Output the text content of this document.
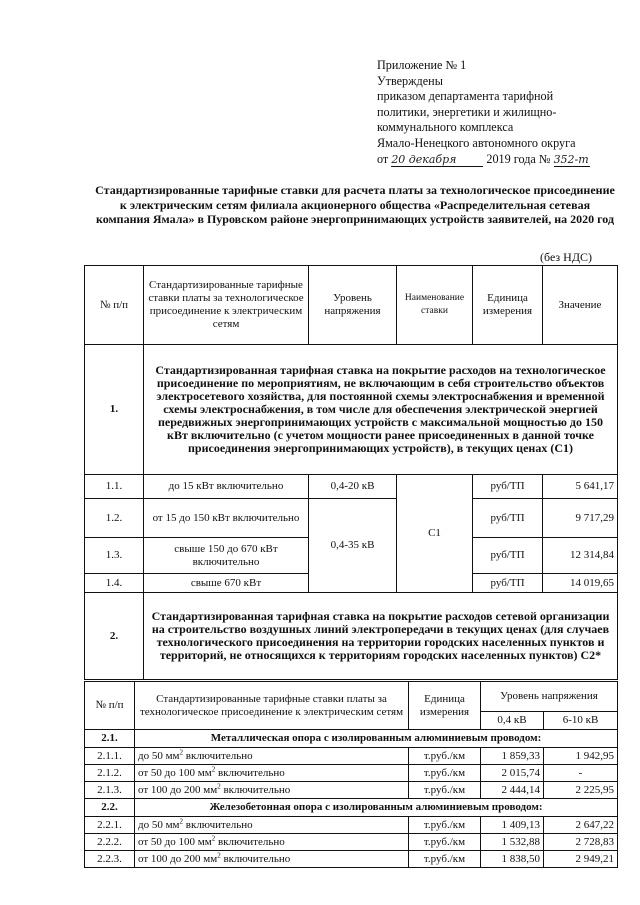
Приложение № 1
Утверждены
приказом департамента тарифной
политики, энергетики и жилищно-
коммунального комплекса
Ямало-Ненецкого автономного округа
от 20 декабря 2019 года № 352-т
Стандартизированные тарифные ставки для расчета платы за технологическое присоединение
к электрическим сетям филиала акционерного общества «Распределительная сетевая
компания Ямала» в Пуровском районе энергопринимающих устройств заявителей, на 2020 год
(без НДС)
№ п/п	Стандартизированные тарифные ставки платы за технологическое присоединение к электрическим сетям	Уровень напряжения	Наименование ставки	Единица измерения	Значение
1.	Стандартизированная тарифная ставка на покрытие расходов на технологическое присоединение по мероприятиям, не включающим в себя строительство объектов электросетевого хозяйства, для постоянной схемы электроснабжения и временной схемы электроснабжения, в том числе для обеспечения электрической энергией передвижных энергопринимающих устройств с максимальной мощностью до 150 кВт включительно (с учетом мощности ранее присоединенных в данной точке присоединения энергопринимающих устройств), в текущих ценах (С1)				
1.1.	до 15 кВт включительно	0,4-20 кВ	С1	руб/ТП	5 641,17
1.2.	от 15 до 150 кВт включительно	0,4-35 кВ		руб/ТП	9 717,29
1.3.	свыше 150 до 670 кВт включительно			руб/ТП	12 314,84
1.4.	свыше 670 кВт			руб/ТП	14 019,65
2.	Стандартизированная тарифная ставка на покрытие расходов сетевой организации на строительство воздушных линий электропередачи в текущих ценах (для случаев технологического присоединения на территории городских населенных пунктов и территорий, не относящихся к территориям городских населенных пунктов) С2*				
№ п/п	Стандартизированные тарифные ставки платы за технологическое присоединение к электрическим сетям	Единица измерения	Уровень напряжения	
			0,4 кВ	6-10 кВ
2.1.	Металлическая опора с изолированным алюминиевым проводом:			
2.1.1.	до 50 $мм^2$ включительно	т.руб./км	1 859,33	1 942,95
2.1.2.	от 50 до 100 $мм^2$ включительно	т.руб./км	2 015,74	-
2.1.3.	от 100 до 200 $мм^2$ включительно	т.руб./км	2 444,14	2 225,95
2.2.	Железобетонная опора с изолированным алюминиевым проводом:			
2.2.1.	до 50 $мм^2$ включительно	т.руб./км	1 409,13	2 647,22
2.2.2.	от 50 до 100 $мм^2$ включительно	т.руб./км	1 532,88	2 728,83
2.2.3.	от 100 до 200 $мм^2$ включительно	т.руб./км	1 838,50	2 949,21
